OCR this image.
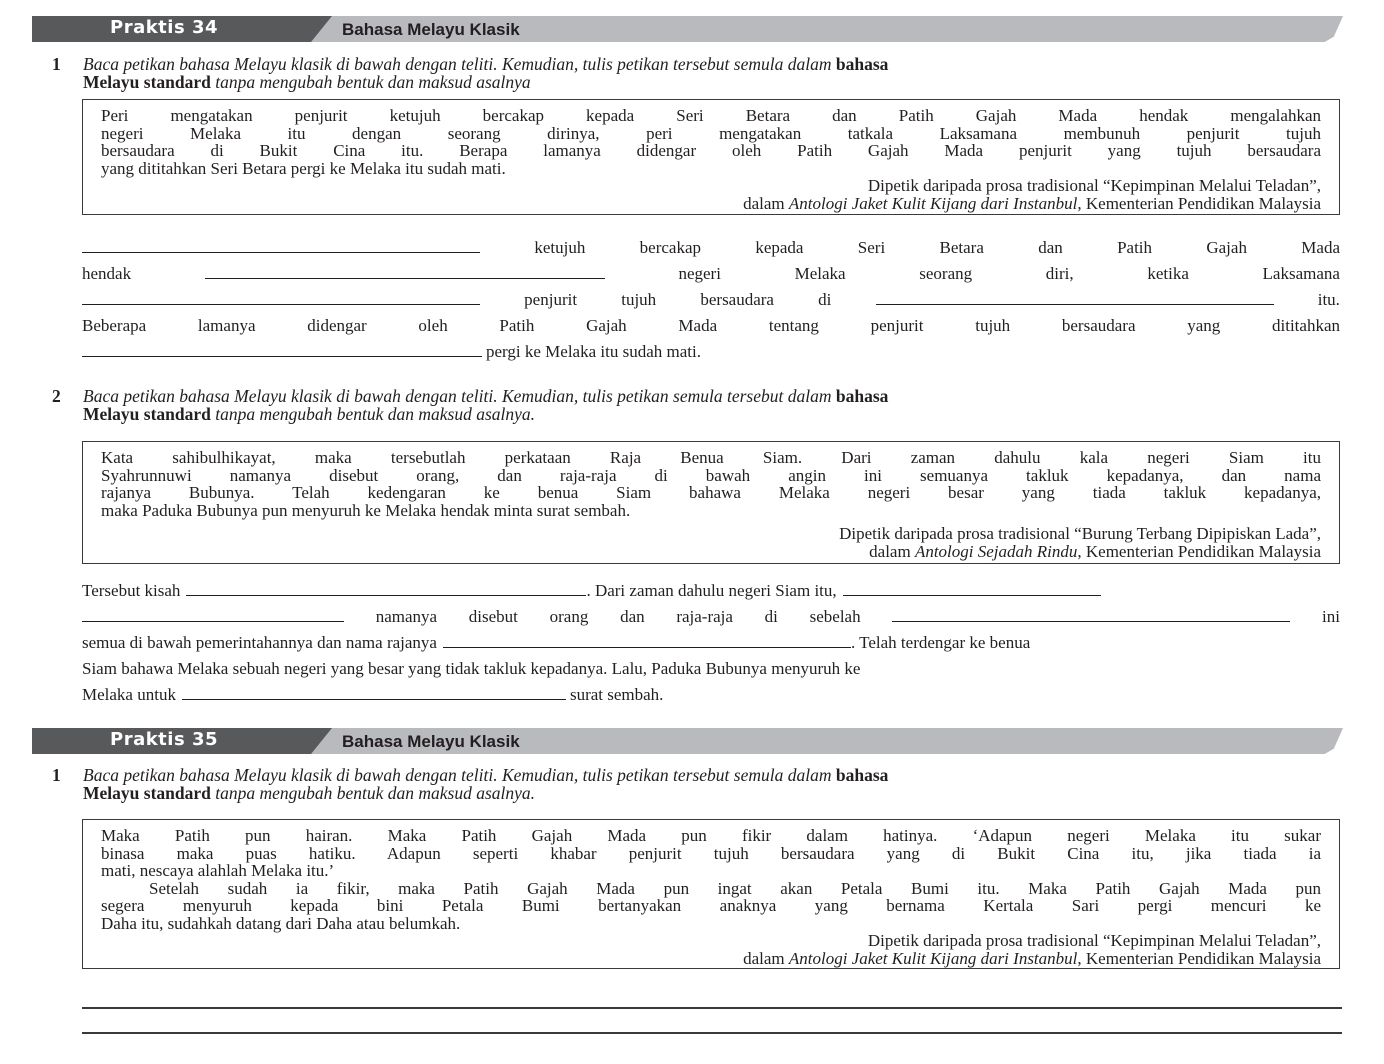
Praktis 34	Bahasa Melayu Klasik
1 Baca petikan bahasa Melayu klasik di bawah dengan teliti. Kemudian, tulis petikan tersebut semula dalam bahasa
Melayu standard tanpa mengubah bentuk dan maksud asalnya

Peri mengatakan penjurit ketujuh bercakap kepada Seri Betara dan Patih Gajah Mada hendak mengalahkan

negeri Melaka itu dengan seorang dirinya, peri mengatakan tatkala Laksamana membunuh penjurit tujuh

bersaudara di Bukit Cina itu. Berapa lamanya didengar oleh Patih Gajah Mada penjurit yang tujuh bersaudara

yang dititahkan Seri Betara pergi ke Melaka itu sudah mati.

Dipetik daripada prosa tradisional “Kepimpinan Melalui Teladan”,

dalam Antologi Jaket Kulit Kijang dari Instanbul, Kementerian Pendidikan Malaysia

ketujuh	bercakap	kepada	Seri	Betara	dan	Patih	Gajah	Mada
hendak	negeri	Melaka	seorang	diri,	ketika	Laksamana
penjurit	tujuh	bersaudara	di	itu.
Beberapa	lamanya	didengar	oleh	Patih	Gajah	Mada	tentang	penjurit	tujuh	bersaudara	yang	dititahkan
pergi ke Melaka itu sudah mati.
2 Baca petikan bahasa Melayu klasik di bawah dengan teliti. Kemudian, tulis petikan semula tersebut dalam bahasa
Melayu standard tanpa mengubah bentuk dan maksud asalnya.

Kata sahibulhikayat, maka tersebutlah perkataan Raja Benua Siam. Dari zaman dahulu kala negeri Siam itu

Syahrunnuwi namanya disebut orang, dan raja-raja di bawah angin ini semuanya takluk kepadanya, dan nama

rajanya Bubunya. Telah kedengaran ke benua Siam bahawa Melaka negeri besar yang tiada takluk kepadanya,

maka Paduka Bubunya pun menyuruh ke Melaka hendak minta surat sembah.

Dipetik daripada prosa tradisional “Burung Terbang Dipipiskan Lada”,

dalam Antologi Sejadah Rindu, Kementerian Pendidikan Malaysia

Tersebut kisah	. Dari zaman dahulu negeri Siam itu,
namanya disebut orang dan raja-raja di sebelah	ini
semua di bawah pemerintahannya dan nama rajanya	. Telah terdengar ke benua
Siam bahawa Melaka sebuah negeri yang besar yang tidak takluk kepadanya. Lalu, Paduka Bubunya menyuruh ke
Melaka untuk	surat sembah.
Praktis 35	Bahasa Melayu Klasik
1 Baca petikan bahasa Melayu klasik di bawah dengan teliti. Kemudian, tulis petikan tersebut semula dalam bahasa
Melayu standard tanpa mengubah bentuk dan maksud asalnya.

Maka Patih pun hairan. Maka Patih Gajah Mada pun fikir dalam hatinya. ‘Adapun negeri Melaka itu sukar

binasa maka puas hatiku. Adapun seperti khabar penjurit tujuh bersaudara yang di Bukit Cina itu, jika tiada ia

mati, nescaya alahlah Melaka itu.’

Setelah sudah ia fikir, maka Patih Gajah Mada pun ingat akan Petala Bumi itu. Maka Patih Gajah Mada pun

segera menyuruh kepada bini Petala Bumi bertanyakan anaknya yang bernama Kertala Sari pergi mencuri ke

Daha itu, sudahkah datang dari Daha atau belumkah.

Dipetik daripada prosa tradisional “Kepimpinan Melalui Teladan”,

dalam Antologi Jaket Kulit Kijang dari Instanbul, Kementerian Pendidikan Malaysia
